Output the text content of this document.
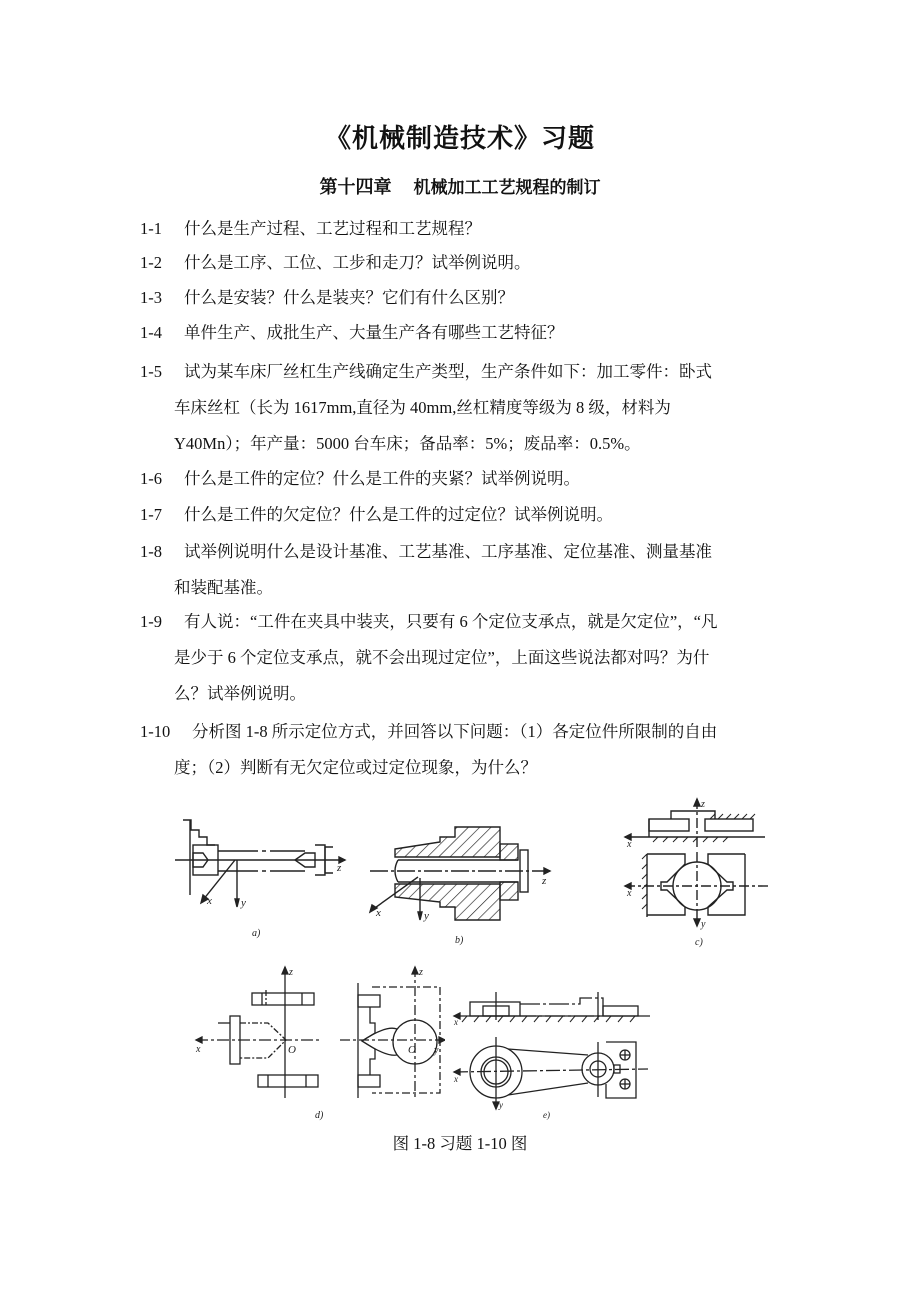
《机械制造技术》习题
第十四章 机械加工工艺规程的制订
1-1 什么是生产过程、工艺过程和工艺规程？
1-2 什么是工序、工位、工步和走刀？试举例说明。
1-3 什么是安装？什么是装夹？它们有什么区别？
1-4 单件生产、成批生产、大量生产各有哪些工艺特征？
1-5 试为某车床厂丝杠生产线确定生产类型，生产条件如下：加工零件：卧式
车床丝杠（长为 1617mm,直径为 40mm,丝杠精度等级为 8 级，材料为
Y40Mn）；年产量：5000 台车床；备品率：5%；废品率：0.5%。
1-6 什么是工件的定位？什么是工件的夹紧？试举例说明。
1-7 什么是工件的欠定位？什么是工件的过定位？试举例说明。
1-8 试举例说明什么是设计基准、工艺基准、工序基准、定位基准、测量基准
和装配基准。
1-9 有人说：“工件在夹具中装夹，只要有 6 个定位支承点，就是欠定位”，“凡
是少于 6 个定位支承点，就不会出现过定位”，上面这些说法都对吗？为什
么？试举例说明。
1-10 分析图 1-8 所示定位方式，并回答以下问题：（1）各定位件所限制的自由
度；（2）判断有无欠定位或过定位现象，为什么？
x	y
z
a)
x	y
z
b)
z
x
x
y
c)
z
x	O
z
y
O
d)
x
x
y
e)
图 1-8 习题 1-10 图
